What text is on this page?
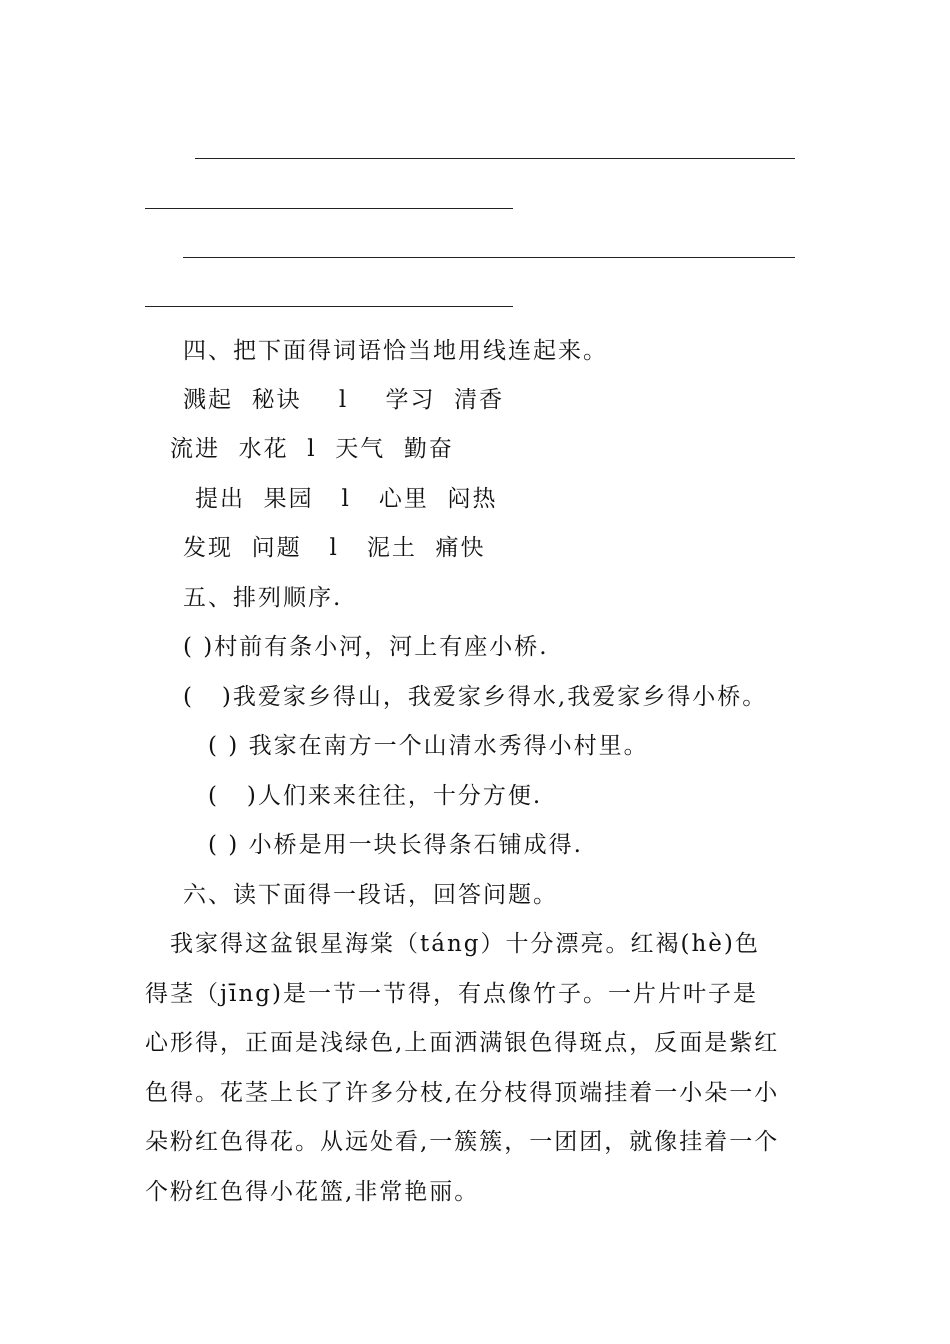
四、把下面得词语恰当地用线连起来。
溅起  秘诀    l    学习  清香
流进  水花  l  天气  勤奋
提出  果园   l   心里  闷热
发现  问题   l   泥土  痛快
五、排列顺序.
( )村前有条小河，河上有座小桥.
(   )我爱家乡得山，我爱家乡得水,我爱家乡得小桥。
( ) 我家在南方一个山清水秀得小村里。
(   )人们来来往往，十分方便.
( ) 小桥是用一块长得条石铺成得.
六、读下面得一段话，回答问题。
我家得这盆银星海棠（táng）十分漂亮。红褐(hè)色
得茎（jīng)是一节一节得，有点像竹子。一片片叶子是
心形得，正面是浅绿色,上面洒满银色得斑点，反面是紫红
色得。花茎上长了许多分枝,在分枝得顶端挂着一小朵一小
朵粉红色得花。从远处看,一簇簇，一团团，就像挂着一个
个粉红色得小花篮,非常艳丽。
